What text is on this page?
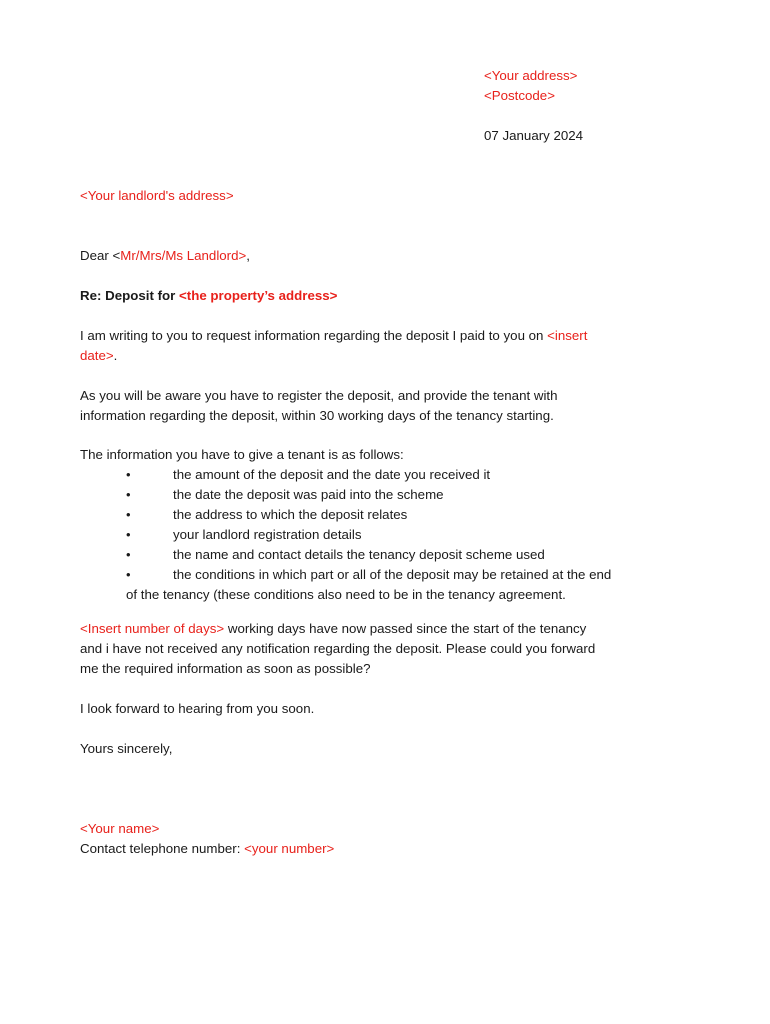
<Your address>
<Postcode>
07 January 2024
<Your landlord's address>
Dear <Mr/Mrs/Ms Landlord>,
Re: Deposit for <the property’s address>
I am writing to you to request information regarding the deposit I paid to you on <insert
date>.
As you will be aware you have to register the deposit, and provide the tenant with
information regarding the deposit, within 30 working days of the tenancy starting.
The information you have to give a tenant is as follows:
•	the amount of the deposit and the date you received it
•	the date the deposit was paid into the scheme
•	the address to which the deposit relates
•	your landlord registration details
•	the name and contact details the tenancy deposit scheme used
•	the conditions in which part or all of the deposit may be retained at the end
of the tenancy (these conditions also need to be in the tenancy agreement.
<Insert number of days> working days have now passed since the start of the tenancy
and i have not received any notification regarding the deposit. Please could you forward
me the required information as soon as possible?
I look forward to hearing from you soon.
Yours sincerely,
<Your name>
Contact telephone number: <your number>
